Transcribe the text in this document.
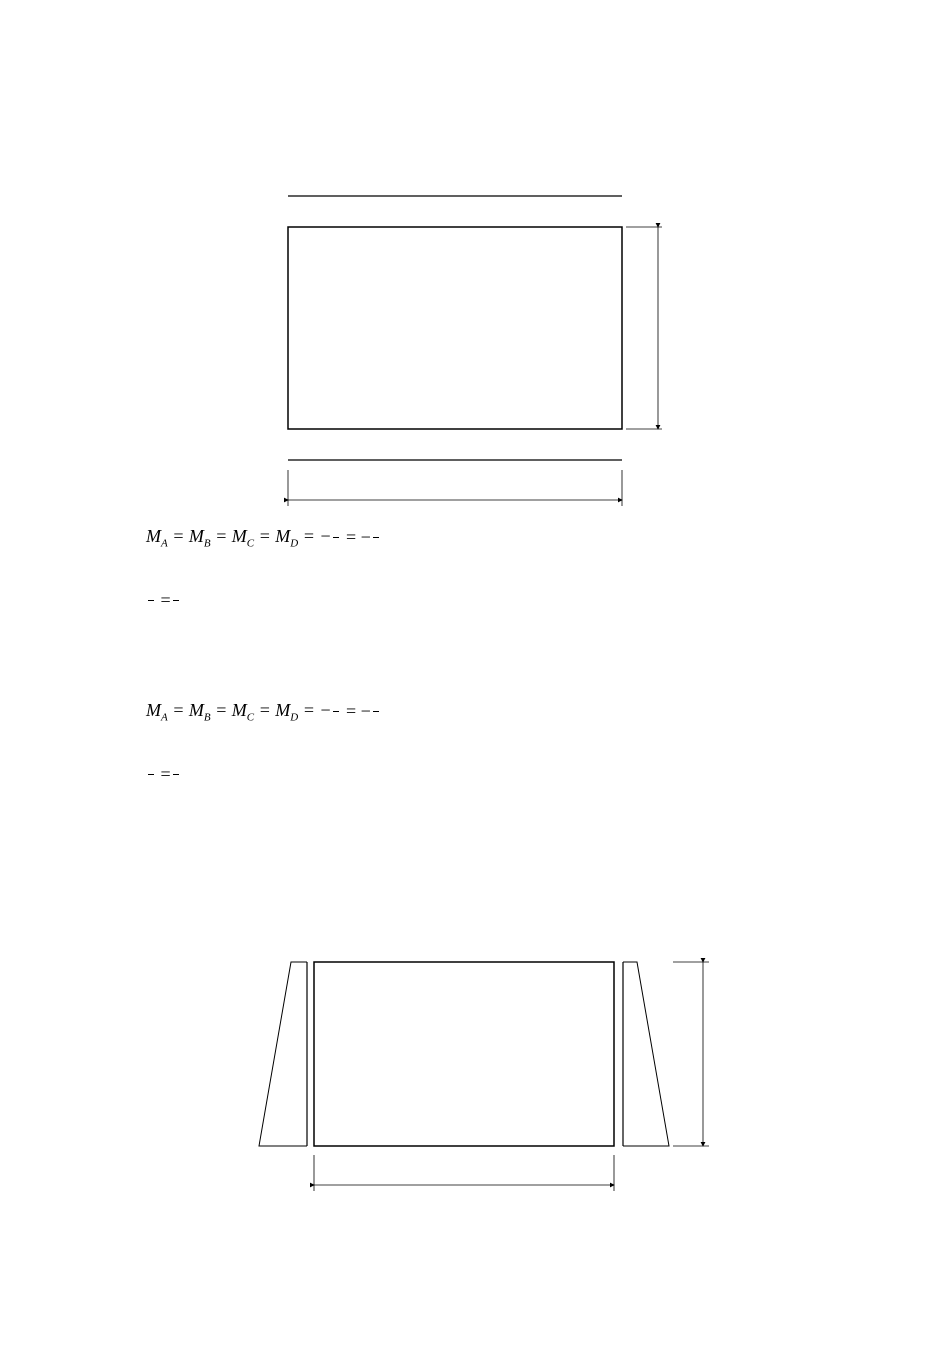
$M_A = M_B = M_C = M_D$ = − = −
=
$M_A = M_B = M_C = M_D$ = − = −
=
